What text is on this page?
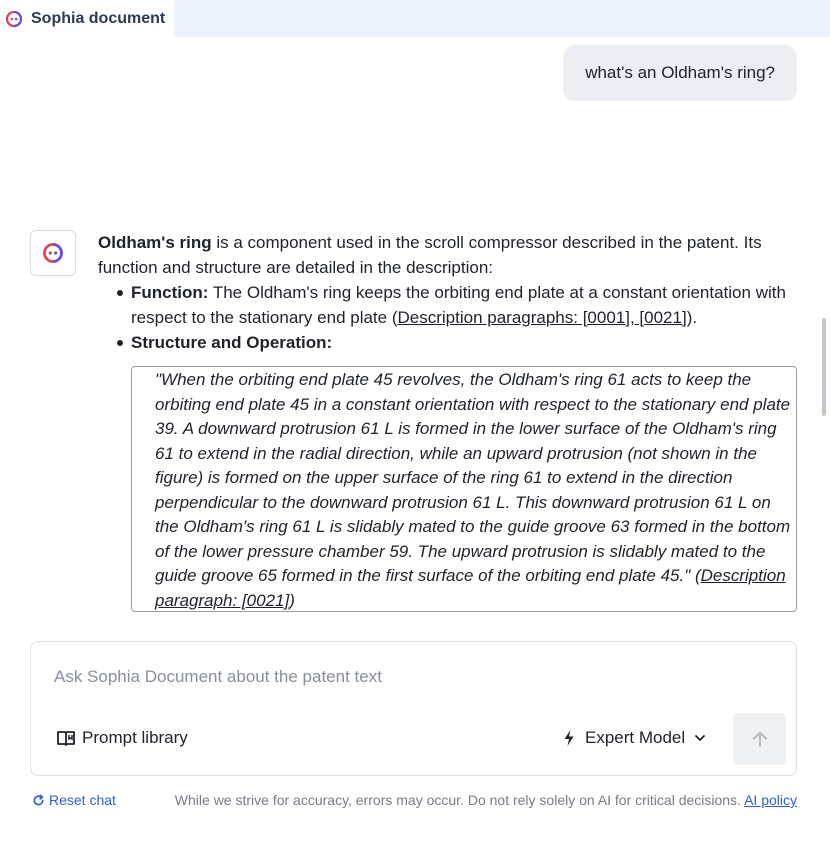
Sophia document
what's an Oldham's ring?
Oldham's ring is a component used in the scroll compressor described in the patent. Its function and structure are detailed in the description:
Function: The Oldham's ring keeps the orbiting end plate at a constant orientation with respect to the stationary end plate (Description paragraphs: [0001], [0021]).
Structure and Operation:
"When the orbiting end plate 45 revolves, the Oldham's ring 61 acts to keep the orbiting end plate 45 in a constant orientation with respect to the stationary end plate 39. A downward protrusion 61 L is formed in the lower surface of the Oldham's ring 61 to extend in the radial direction, while an upward protrusion (not shown in the figure) is formed on the upper surface of the ring 61 to extend in the direction perpendicular to the downward protrusion 61 L. This downward protrusion 61 L on the Oldham's ring 61 L is slidably mated to the guide groove 63 formed in the bottom of the lower pressure chamber 59. The upward protrusion is slidably mated to the guide groove 65 formed in the first surface of the orbiting end plate 45." (Description paragraph: [0021])
Ask Sophia Document about the patent text
Prompt library	Expert Model
Reset chat	While we strive for accuracy, errors may occur. Do not rely solely on AI for critical decisions. AI policy
